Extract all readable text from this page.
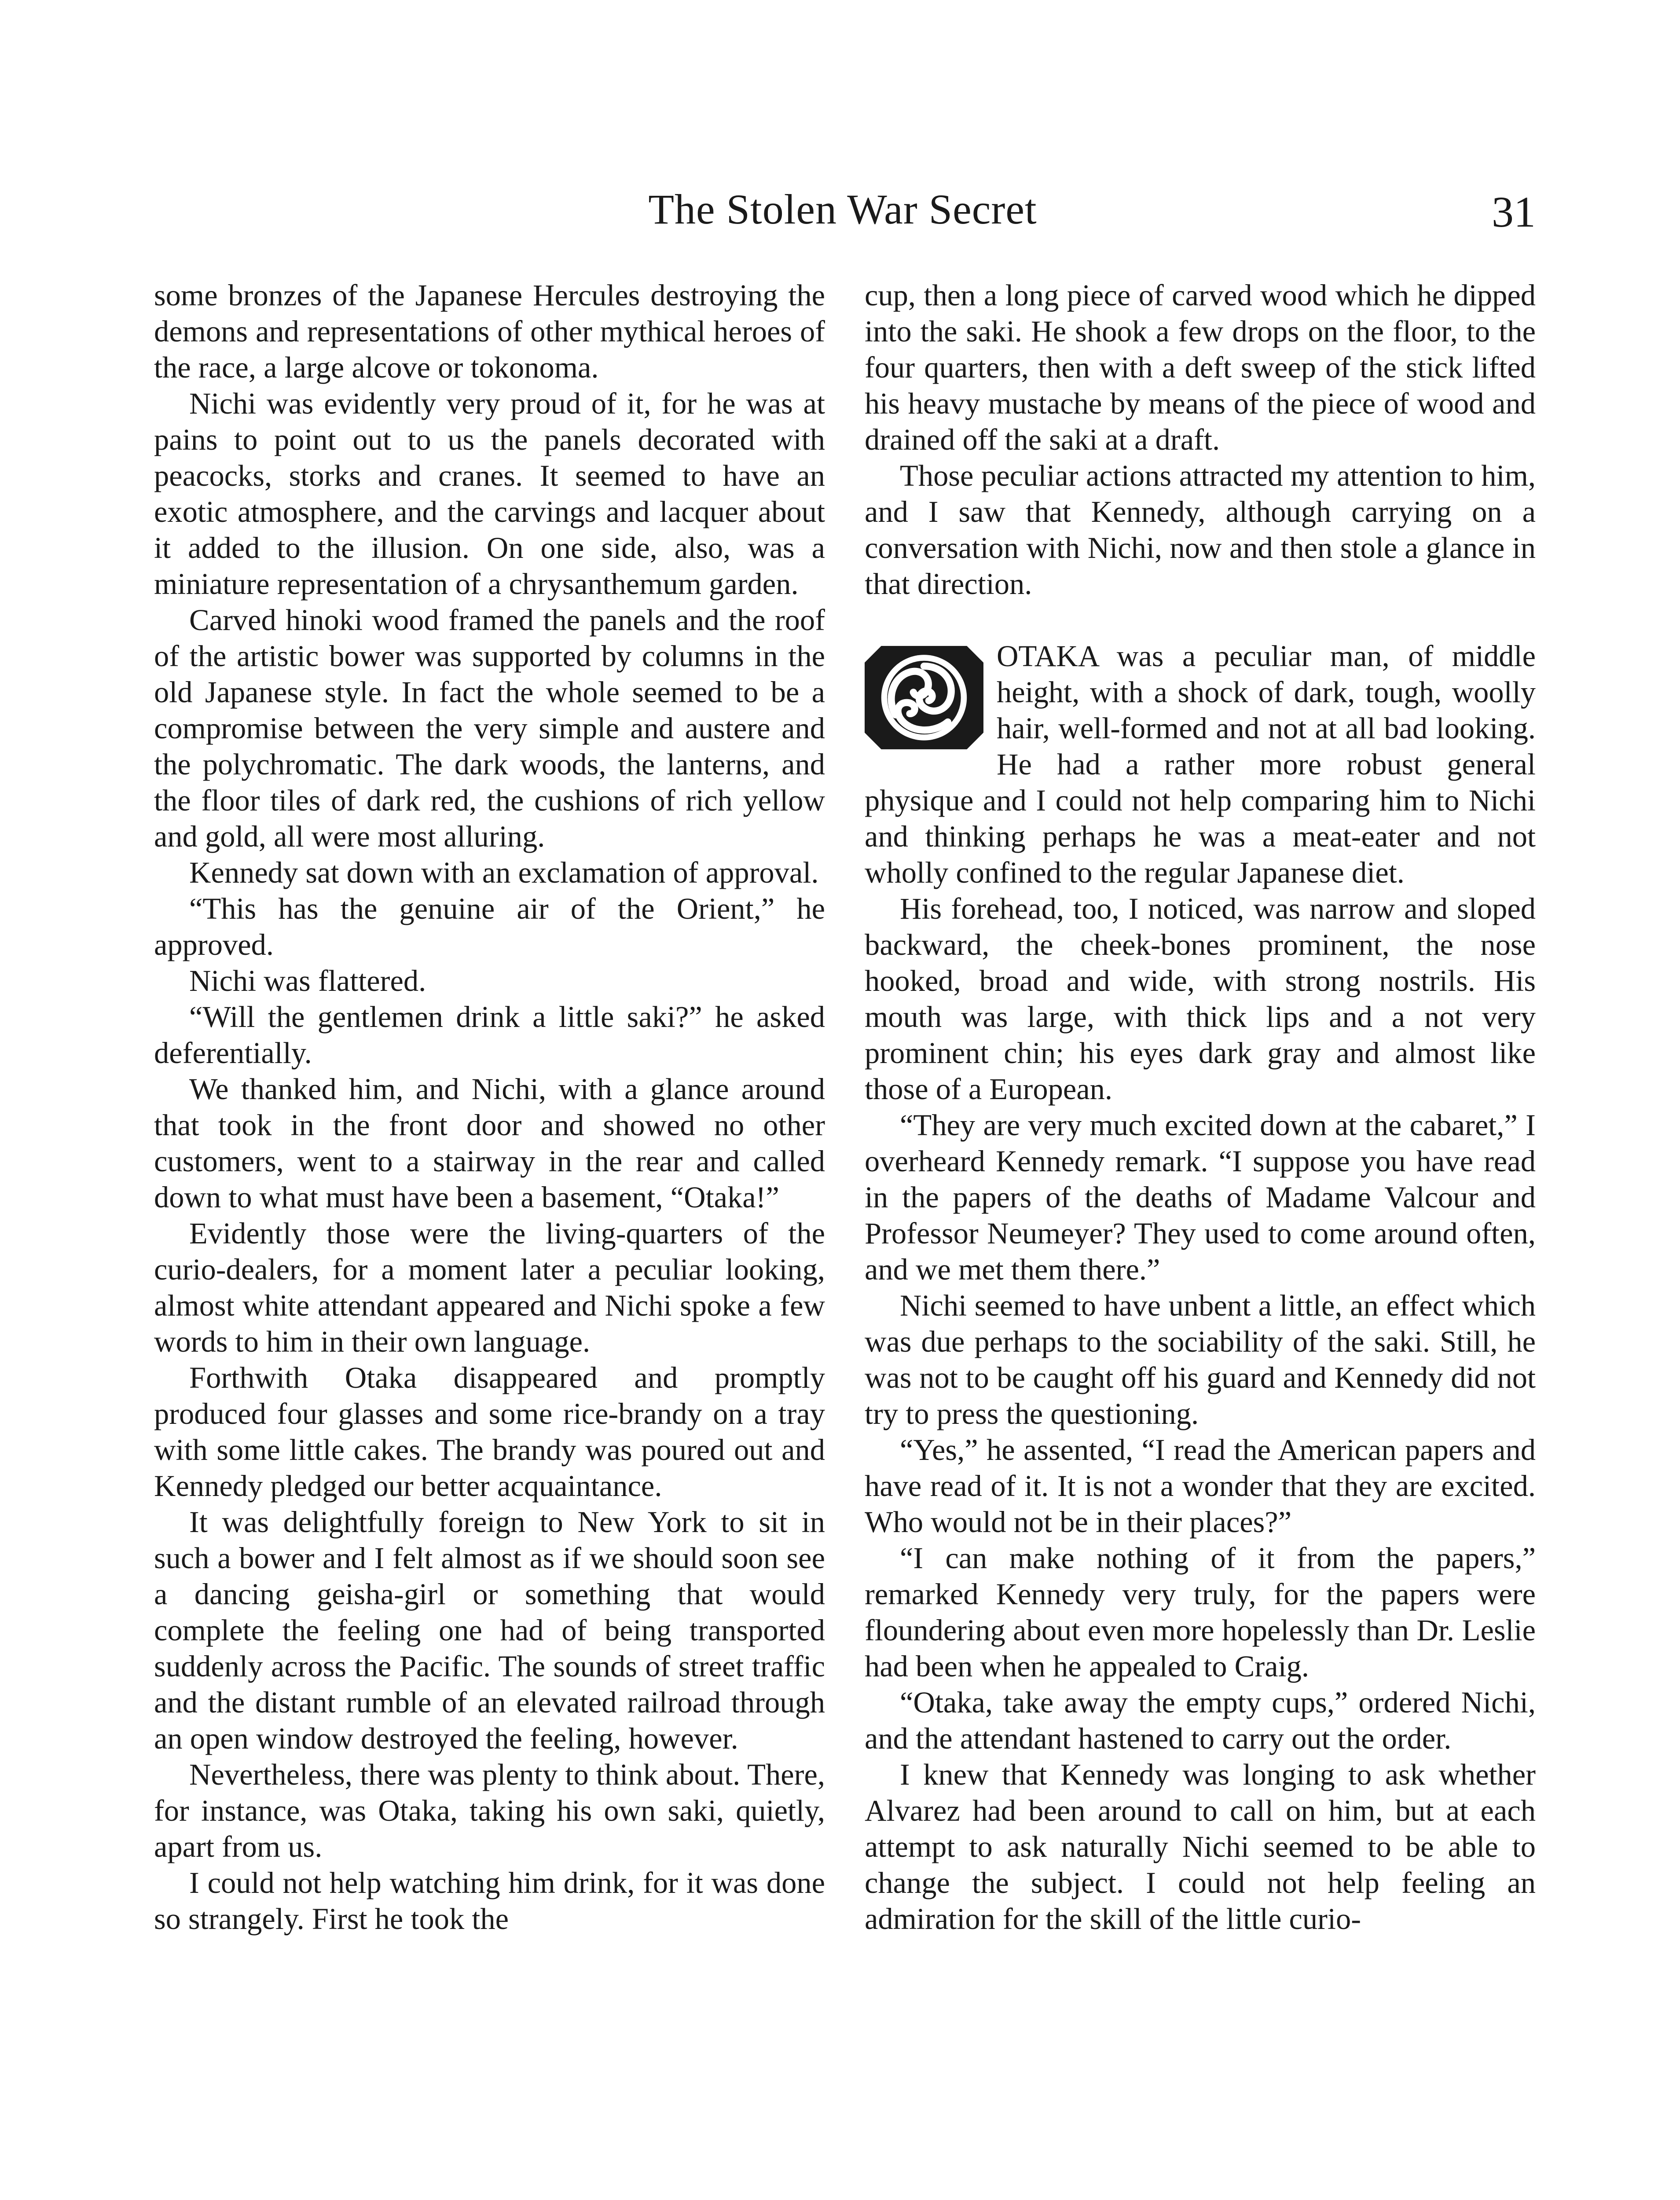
The Stolen War Secret	31

some bronzes of the Japanese Hercules destroying the demons and representations of other mythical heroes of the race, a large alcove or tokonoma.

Nichi was evidently very proud of it, for he was at pains to point out to us the panels decorated with peacocks, storks and cranes. It seemed to have an exotic atmosphere, and the carvings and lacquer about it added to the illusion. On one side, also, was a miniature representation of a chrysanthemum garden.

Carved hinoki wood framed the panels and the roof of the artistic bower was supported by columns in the old Japanese style. In fact the whole seemed to be a compromise between the very simple and austere and the polychromatic. The dark woods, the lanterns, and the floor tiles of dark red, the cushions of rich yellow and gold, all were most alluring.

Kennedy sat down with an exclamation of approval.

“This has the genuine air of the Orient,” he approved.

Nichi was flattered.

“Will the gentlemen drink a little saki?” he asked deferentially.

We thanked him, and Nichi, with a glance around that took in the front door and showed no other customers, went to a stairway in the rear and called down to what must have been a basement, “Otaka!”

Evidently those were the living-quarters of the curio-dealers, for a moment later a peculiar looking, almost white attendant appeared and Nichi spoke a few words to him in their own language.

Forthwith Otaka disappeared and promptly produced four glasses and some rice-brandy on a tray with some little cakes. The brandy was poured out and Kennedy pledged our better acquaintance.

It was delightfully foreign to New York to sit in such a bower and I felt almost as if we should soon see a dancing geisha-girl or something that would complete the feeling one had of being transported suddenly across the Pacific. The sounds of street traffic and the distant rumble of an elevated railroad through an open window destroyed the feeling, however.

Nevertheless, there was plenty to think about. There, for instance, was Otaka, taking his own saki, quietly, apart from us.

I could not help watching him drink, for it was done so strangely. First he took the

cup, then a long piece of carved wood which he dipped into the saki. He shook a few drops on the floor, to the four quarters, then with a deft sweep of the stick lifted his heavy mustache by means of the piece of wood and drained off the saki at a draft.

Those peculiar actions attracted my attention to him, and I saw that Kennedy, although carrying on a conversation with Nichi, now and then stole a glance in that direction.

OTAKA was a peculiar man, of middle height, with a shock of dark, tough, woolly hair, well-formed and not at all bad looking. He had a rather more robust general physique and I could not help comparing him to Nichi and thinking perhaps he was a meat-eater and not wholly confined to the regular Japanese diet.

His forehead, too, I noticed, was narrow and sloped backward, the cheek-bones prominent, the nose hooked, broad and wide, with strong nostrils. His mouth was large, with thick lips and a not very prominent chin; his eyes dark gray and almost like those of a European.

“They are very much excited down at the cabaret,” I overheard Kennedy remark. “I suppose you have read in the papers of the deaths of Madame Valcour and Professor Neumeyer? They used to come around often, and we met them there.”

Nichi seemed to have unbent a little, an effect which was due perhaps to the sociability of the saki. Still, he was not to be caught off his guard and Kennedy did not try to press the questioning.

“Yes,” he assented, “I read the American papers and have read of it. It is not a wonder that they are excited. Who would not be in their places?”

“I can make nothing of it from the papers,” remarked Kennedy very truly, for the papers were floundering about even more hopelessly than Dr. Leslie had been when he appealed to Craig.

“Otaka, take away the empty cups,” ordered Nichi, and the attendant hastened to carry out the order.

I knew that Kennedy was longing to ask whether Alvarez had been around to call on him, but at each attempt to ask naturally Nichi seemed to be able to change the subject. I could not help feeling an admiration for the skill of the little curio-
